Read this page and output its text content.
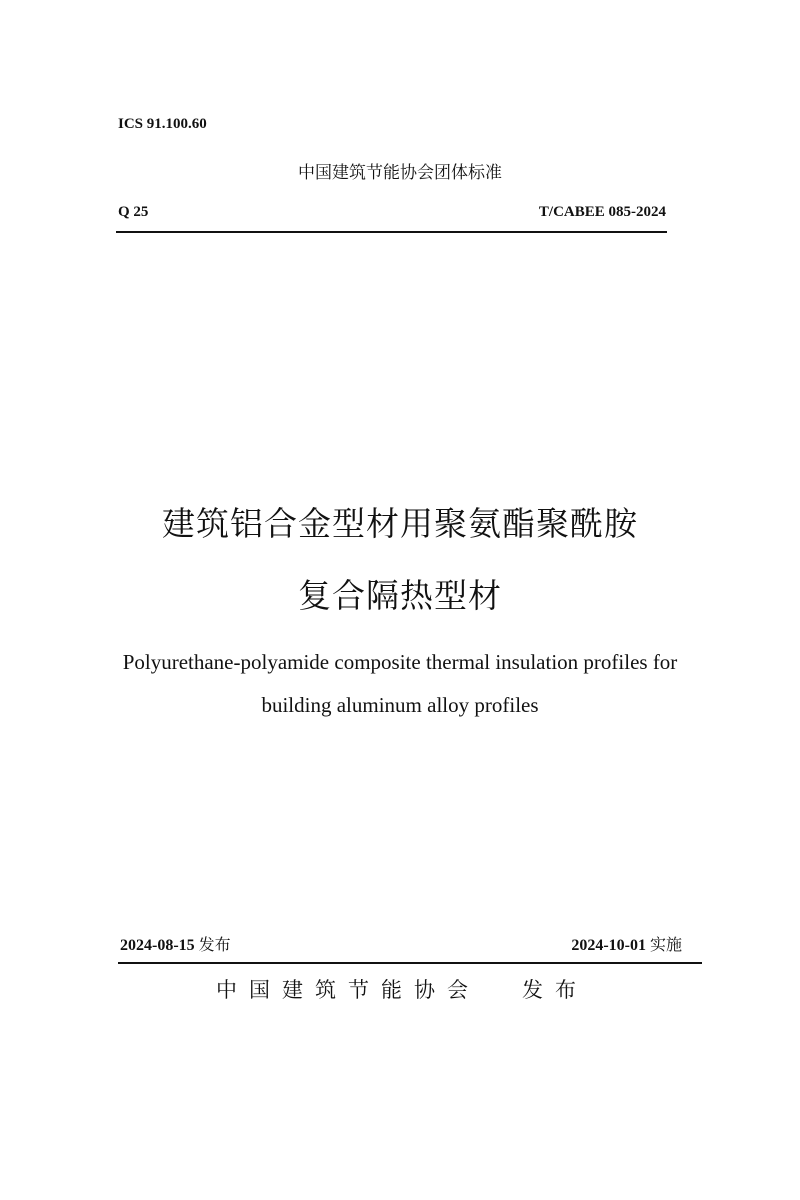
ICS 91.100.60
中国建筑节能协会团体标准
Q 25	T/CABEE 085-2024
建筑铝合金型材用聚氨酯聚酰胺
复合隔热型材
Polyurethane-polyamide composite thermal insulation profiles for
building aluminum alloy profiles
2024-08-15 发布	2024-10-01 实施
中国建筑节能协会 发布
